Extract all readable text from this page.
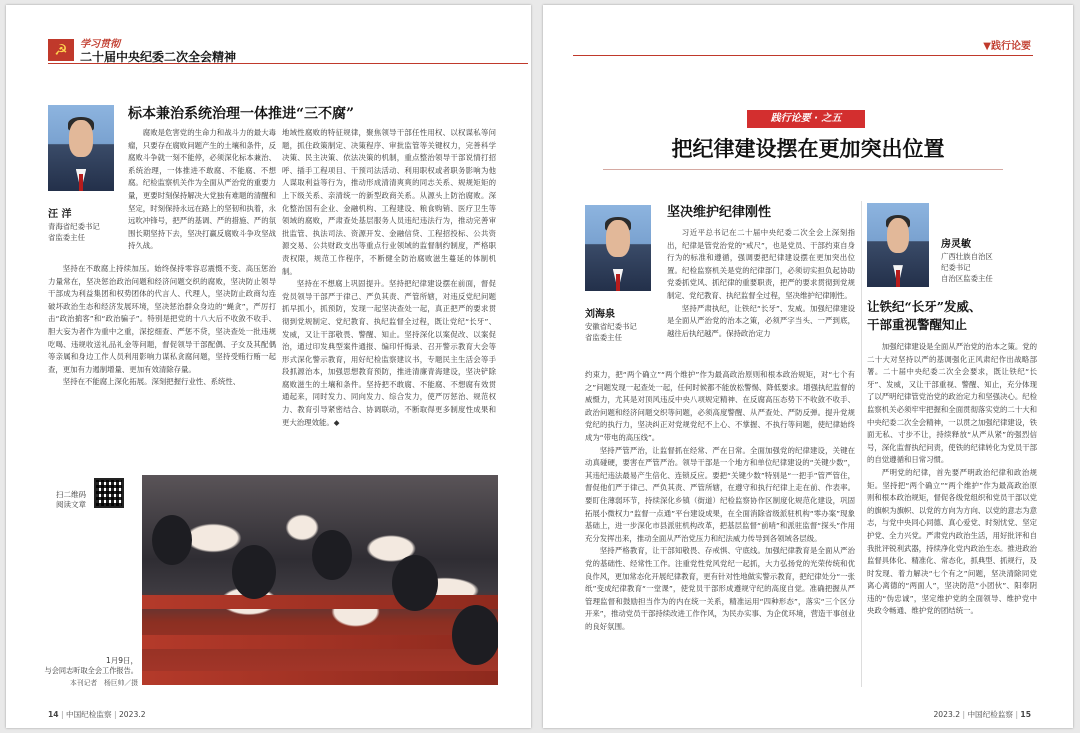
☭	学习贯彻
二十届中央纪委二次全会精神
汪 洋
青海省纪委书记
省监委主任
标本兼治系统治理一体推进“三不腐”

腐败是危害党的生命力和战斗力的最大毒瘤，只要存在腐败问题产生的土壤和条件，反腐败斗争就一刻不能停，必须深化标本兼治、系统治理，一体推进不敢腐、不能腐、不想腐。纪检监察机关作为全面从严治党的重要力量，更要时刻保持解决大党独有难题的清醒和坚定，时刻保持永远在路上的坚韧和执着，永远吹冲锋号，把严的基调、严的措施、严的氛围长期坚持下去，坚决打赢反腐败斗争攻坚战持久战。

坚持在不敢腐上持续加压。始终保持零容忍震慑不变、高压惩治力量常在，坚决惩治政治问题和经济问题交织的腐败，坚决防止领导干部成为利益集团和权势团体的代言人、代理人，坚决防止政商勾连破坏政治生态和经济发展环境，坚决惩治群众身边的“蝇贪”，严厉打击“政治掮客”和“政治骗子”。特别是把党的十八大后不收敛不收手、胆大妄为者作为重中之重，深挖细查、严惩不贷，坚决查处一批违规吃喝、违规收送礼品礼金等问题，督促领导干部配偶、子女及其配偶等亲属和身边工作人员利用影响力谋私贪腐问题，坚持受贿行贿一起查，更加有力遏制增量、更加有效清除存量。

坚持在不能腐上深化拓展。深刻把握行业性、系统性、

地域性腐败的特征规律，聚焦领导干部任性用权、以权谋私等问题，抓住政策制定、决策程序、审批监管等关键权力，完善科学决策、民主决策、依法决策的机制，重点整治领导干部说情打招呼、插手工程项目、干预司法活动、利用职权或者职务影响为他人谋取利益等行为，推动形成清清爽爽的同志关系、规规矩矩的上下级关系、亲清统一的新型政商关系。从源头上防治腐败。深化整治国有企业、金融机构、工程建设、粮食购销、医疗卫生等领域的腐败，严肃查处基层服务人员违纪违法行为，推动完善审批监管、执法司法、资源开发、金融信贷、工程招投标、公共资源交易、公共财政支出等重点行业领域的监督制约制度，严格职责权限，规范工作程序，不断健全防治腐败滋生蔓延的体制机制。

坚持在不想腐上巩固提升。坚持把纪律建设摆在前面，督促党员领导干部严于律己、严负其责、严管所辖，对违反党纪问题抓早抓小，抓预防，发现一起坚决查处一起，真正把严的要求贯彻到党规制定、党纪教育、执纪监督全过程，既让党纪“长牙”、发威，又让干部敬畏、警醒、知止。坚持深化以案促改、以案促治，通过印发典型案件通报、编印忏悔录、召开警示教育大会等形式深化警示教育，用好纪检监察建议书，专题民主生活会等手段抓源治本，加强思想教育预防，推进清廉青海建设，坚决铲除腐败滋生的土壤和条件。坚持把不敢腐、不能腐、不想腐有效贯通起来，同时发力、同向发力、综合发力，使严厉惩治、规范权力、教育引导紧密结合、协调联动，不断取得更多制度性成果和更大治理效能。◆

扫二维码
阅读文章
1月9日，
与会同志听取全会工作报告。
本刊记者　杨巨帅／摄
14 | 中国纪检监察 | 2023.2
▼践行论要
践行论要 · 之五
把纪律建设摆在更加突出位置
刘海泉
安徽省纪委书记
省监委主任
坚决维护纪律刚性

习近平总书记在二十届中央纪委二次全会上深刻指出，纪律是管党治党的“戒尺”，也是党员、干部约束自身行为的标准和遵循，强调要把纪律建设摆在更加突出位置。纪检监察机关是党的纪律部门，必须切实担负起协助党委抓党风、抓纪律的重要职责，把严的要求贯彻到党规制定、党纪教育、执纪监督全过程，坚决维护纪律刚性。

坚持严肃执纪，让铁纪“长牙”、发威。加强纪律建设是全面从严治党的治本之策，必须严字当头、一严到底，越往后执纪越严。保持政治定力

约束力，把“两个确立”“两个维护”作为最高政治原则和根本政治规矩，对“七个有之”问题发现一起查处一起，任何时候都不能放松警惕、降低要求。增强执纪监督的威慑力，尤其是对顶风违反中央八项规定精神、在反腐高压态势下不收敛不收手、政治问题和经济问题交织等问题，必须高度警醒、从严查处、严防反弹。提升党规党纪的执行力，坚决纠正对党规党纪不上心、不掌握、不执行等问题，使纪律始终成为“带电的高压线”。

坚持严管严治，让监督抓在经常、严在日常。全面加强党的纪律建设，关键在动真碰硬，要害在严管严治。领导干部是一个地方和单位纪律建设的“关键少数”，其违纪违法最易产生倍化、连锁反应。要把“关键少数”特别是“一把手”管严管住，督促他们严于律己、严负其责、严管所辖，在遵守和执行纪律上走在前、作表率。要盯住薄弱环节，持续深化乡镇（街道）纪检监察协作区制度化规范化建设，巩固拓展小微权力“监督一点通”平台建设成果，在全面消除省级派驻机构“零办案”现象基础上，进一步深化市县派驻机构改革，把基层监督“前哨”和派驻监督“探头”作用充分发挥出来，推动全面从严治党压力和纪法威力传导到各领域各层级。

坚持严格教育，让干部知敬畏、存戒惧、守底线。加强纪律教育是全面从严治党的基础性、经常性工作。注重党性党风党纪一起抓，大力弘扬党的光荣传统和优良作风，更加常态化开展纪律教育，更有针对性地做实警示教育，把纪律处分“一张纸”变成纪律教育“一堂课”，使党员干部形成遵规守纪的高度自觉。准确把握从严管理监督和鼓励担当作为的内在统一关系，精准运用“四种形态”，落实“三个区分开来”，推动党员干部持续改进工作作风，为民办实事、为企优环境，营造干事创业的良好氛围。

房灵敏
广西壮族自治区
纪委书记
自治区监委主任
让铁纪“长牙”发威、
干部重视警醒知止

加强纪律建设是全面从严治党的治本之策。党的二十大对坚持以严的基调强化正风肃纪作出战略部署。二十届中央纪委二次全会要求，既让铁纪“长牙”、发威，又让干部重视、警醒、知止，充分体现了以严明纪律管党治党的政治定力和坚强决心。纪检监察机关必须牢牢把握和全面贯彻落实党的二十大和中央纪委二次全会精神，一以贯之加强纪律建设，铁面无私、寸步不让，持续释放“从严从紧”的强烈信号，深化监督执纪问责，使铁的纪律转化为党员干部的自觉遵循和日常习惯。

严明党的纪律，首先要严明政治纪律和政治规矩。坚持把“两个确立”“两个维护”作为最高政治原则和根本政治规矩，督促各级党组织和党员干部以党的旗帜为旗帜、以党的方向为方向、以党的意志为意志，与党中央同心同德、真心爱党、时刻忧党、坚定护党、全力兴党。严肃党内政治生活，用好批评和自我批评锐利武器，持续净化党内政治生态。推进政治监督具体化、精准化、常态化，抓典型、抓规行，及时发现、着力解决“七个有之”问题，坚决清除同党离心离德的“两面人”，坚决防范“小团伙”、阳奉阴违的“伪忠诚”，坚定维护党的全面领导、维护党中央政令畅通、维护党的团结统一。

2023.2 | 中国纪检监察 | 15
